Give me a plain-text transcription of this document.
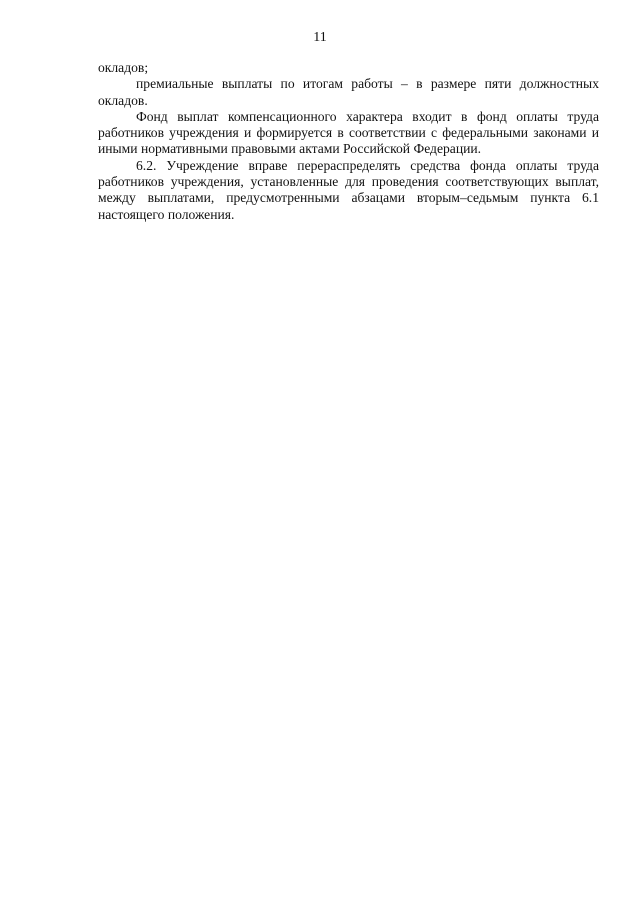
11

окладов;

премиальные выплаты по итогам работы – в размере пяти должностных окладов.

Фонд выплат компенсационного характера входит в фонд оплаты труда работников учреждения и формируется в соответствии с федеральными законами и иными нормативными правовыми актами Российской Федерации.

6.2. Учреждение вправе перераспределять средства фонда оплаты труда работников учреждения, установленные для проведения соответствующих выплат, между выплатами, предусмотренными абзацами вторым–седьмым пункта 6.1 настоящего положения.
